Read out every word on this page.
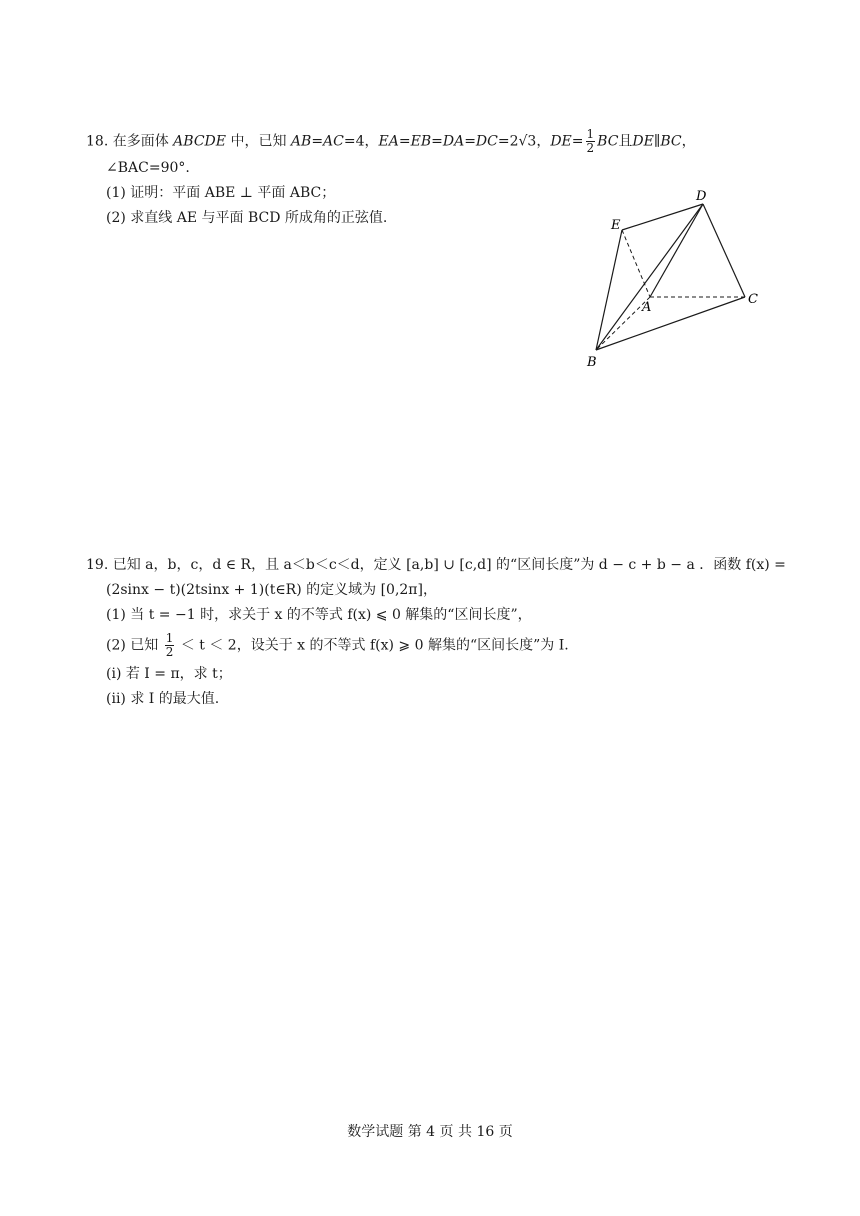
18. 在多面体 ABCDE 中，已知 AB=AC=4，EA=EB=DA=DC=2√3，$DE= \frac{1}{2}$ BC且DE∥BC，
∠BAC=90°.
(1) 证明：平面 ABE ⊥ 平面 ABC；
(2) 求直线 AE 与平面 BCD 所成角的正弦值.	E
D
C
A
B
19. 已知 a，b，c，d ∈ R，且 a＜b＜c＜d，定义 [a,b] ∪ [c,d] 的“区间长度”为 d − c + b − a ．函数 f(x) =
(2sinx − t)(2tsinx + 1)(t∈R) 的定义域为 [0,2π]，
(1) 当 t = −1 时，求关于 x 的不等式 f(x) ⩽ 0 解集的“区间长度”，
(2) 已知 $\frac{1}{2} < t < 2$，设关于 x 的不等式 f(x) ⩾ 0 解集的“区间长度”为 I.
(i) 若 I = π，求 t；
(ii) 求 I 的最大值.
数学试题 第 4 页 共 16 页
